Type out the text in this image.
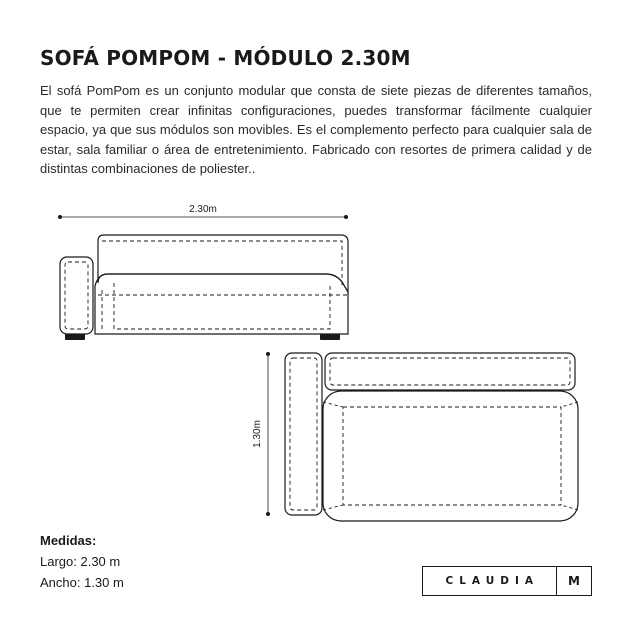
SOFÁ POMPOM - MÓDULO 2.30M

El sofá PomPom es un conjunto modular que consta de siete piezas de diferentes tamaños, que te permiten crear infinitas configuraciones, puedes transformar fácilmente cualquier espacio, ya que sus módulos son movibles. Es el complemento perfecto para cualquier sala de estar, sala familiar o área de entretenimiento. Fabricado con resortes de primera calidad y de distintas combinaciones de poliester..

2.30m
1.30m
Medidas:
Largo: 2.30 m
Ancho: 1.30 m	CLAUDIA	M
